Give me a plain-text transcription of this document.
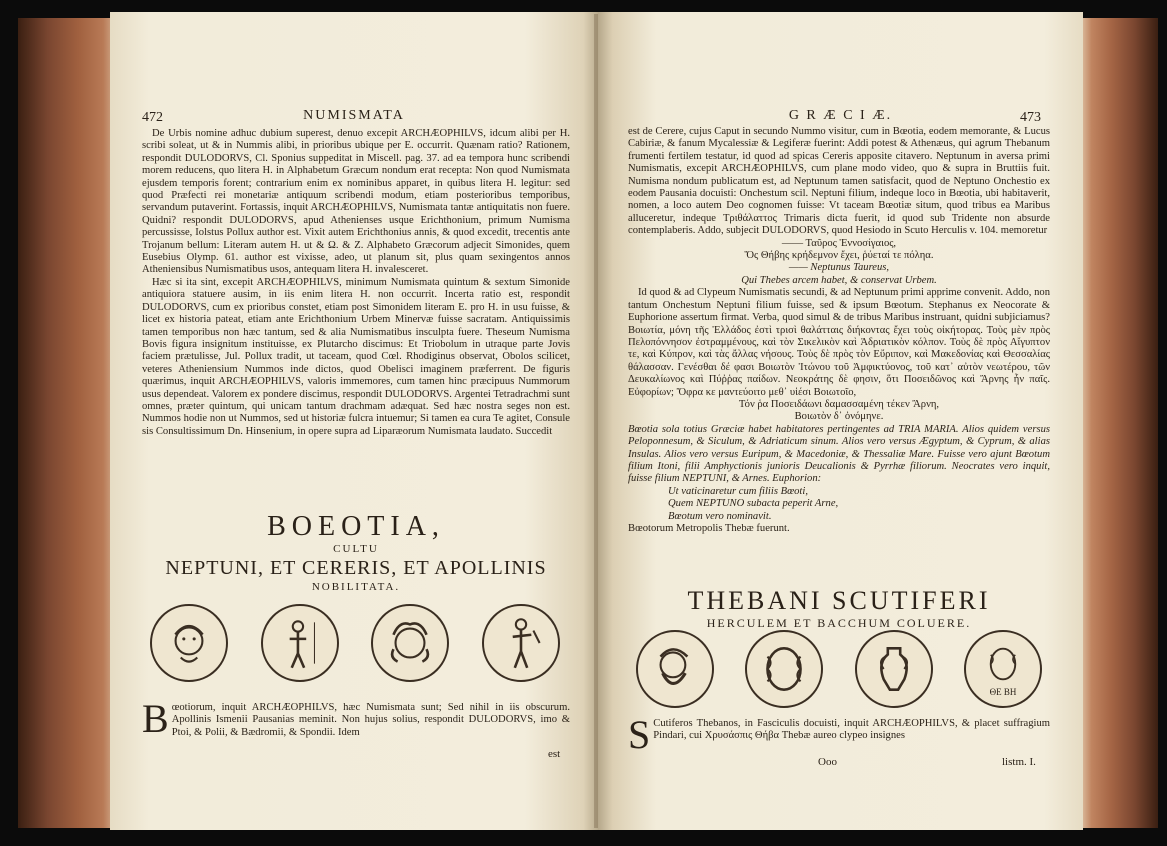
472	NUMISMATA

De Urbis nomine adhuc dubium superest, denuo excepit ARCHÆOPHILVS, idcum alibi per H. scribi soleat, ut & in Nummis alibi, in prioribus ubique per E. occurrit. Quænam ratio? Rationem, respondit DULODORVS, Cl. Sponius suppeditat in Miscell. pag. 37. ad ea tempora hunc scribendi morem reducens, quo litera H. in Alphabetum Græcum nondum erat recepta: Non quod Numismata ejusdem temporis forent; contrarium enim ex nominibus apparet, in quibus litera H. legitur: sed quod Præfecti rei monetariæ antiquum scribendi modum, etiam posterioribus temporibus, servandum putaverint. Fortassis, inquit ARCHÆOPHILVS, Numismata tantæ antiquitatis non fuere. Quidni? respondit DULODORVS, apud Athenienses usque Erichthonium, primum Numisma percussisse, Iolstus Pollux author est. Vixit autem Erichthonius annis, & quod excedit, trecentis ante Trojanum bellum: Literam autem H. ut & Ω. & Z. Alphabeto Græcorum adjecit Simonides, quem Eusebius Olymp. 61. author est vixisse, adeo, ut planum sit, plus quam sexingentos annos Atheniensibus Numismatibus usos, antequam litera H. invalesceret.

Hæc si ita sint, excepit ARCHÆOPHILVS, minimum Numismata quintum & sextum Simonide antiquiora statuere ausim, in iis enim litera H. non occurrit. Incerta ratio est, respondit DULODORVS, cum ex prioribus constet, etiam post Simonidem literam E. pro H. in usu fuisse, & licet ex historia pateat, etiam ante Erichthonium Urbem Minervæ fuisse sacratam. Antiquissimis tamen temporibus non hæc tantum, sed & alia Numismatibus insculpta fuere. Theseum Numisma Bovis figura insignitum instituisse, ex Plutarcho discimus: Et Triobolum in utraque parte Jovis faciem prætulisse, Jul. Pollux tradit, ut taceam, quod Cœl. Rhodiginus observat, Obolos scilicet, veteres Atheniensium Nummos inde dictos, quod Obelisci imaginem præferrent. De figuris quærimus, inquit ARCHÆOPHILVS, valoris immemores, cum tamen hinc præcipuus Nummorum usus dependeat. Valorem ex pondere discimus, respondit DULODORVS. Argentei Tetradrachmi sunt omnes, præter quintum, qui unicam tantum drachmam adæquat. Sed hæc nostra seges non est. Nummos hodie non ut Nummos, sed ut historiæ fulcra intuemur; Si tamen ea cura Te agitet, Consule sis Consultissimum Dn. Hinsenium, in opere supra ad Liparæorum Numismata laudato. Succedit

BOEOTIA,
CULTU
NEPTUNI, ET CERERIS, ET APOLLINIS
NOBILITATA.
B œotiorum, inquit ARCHÆOPHILVS, hæc Numismata sunt; Sed nihil in iis obscurum. Apollinis Ismenii Pausanias meminit. Non hujus solius, respondit DULODORVS, imo & Ptoi, & Polii, & Bædromii, & Spondii. Idem
est
G R Æ C I Æ.	473

est de Cerere, cujus Caput in secundo Nummo visitur, cum in Bœotia, eodem memorante, & Lucus Cabiriæ, & fanum Mycalessiæ & Legiferæ fuerint: Addi potest & Athenæus, qui agrum Thebanum frumenti fertilem testatur, id quod ad spicas Cereris apposite citavero. Neptunum in aversa primi Numismatis, excepit ARCHÆOPHILVS, cum plane modo video, quo & supra in Bruttiis fuit. Numisma nondum publicatum est, ad Neptunum tamen satisfacit, quod de Neptuno Onchestio ex eodem Pausania docuisti: Onchestum scil. Neptuni filium, indeque loco in Bœotia, ubi habitaverit, nomen, a loco autem Deo cognomen fuisse: Vt taceam Bœotiæ situm, quod tribus ea Maribus alluceretur, indeque Τριθάλαττος Trimaris dicta fuerit, id quod sub Tridente non absurde contemplaberis. Addo, subjecit DULODORVS, quod Hesiodo in Scuto Herculis v. 104. memoretur

—— Ταῦρος Ἐννοσίγαιος,

Ὅς Θήβης κρήδεμνον ἔχει, ῥύεταί τε πόληα.

—— Neptunus Taureus,

Qui Thebes arcem habet, & conservat Urbem.

Id quod & ad Clypeum Numismatis secundi, & ad Neptunum primi apprime convenit. Addo, non tantum Onchestum Neptuni filium fuisse, sed & ipsum Bœotum. Stephanus ex Neocorate & Euphorione assertum firmat. Verba, quod simul & de tribus Maribus instruant, quidni subjiciamus? Βοιωτία, μόνη τῆς Ἑλλάδος ἐστὶ τρισὶ θαλάτταις διήκοντας ἔχει τοὺς οἰκήτορας. Τοὺς μὲν πρὸς Πελοπόννησον ἐστραμμένους, καὶ τὸν Σικελικὸν καὶ Ἀδριατικὸν κόλπον. Τοὺς δὲ πρὸς Αἴγυπτον τε, καὶ Κύπρον, καὶ τὰς ἄλλας νήσους. Τοὺς δὲ πρὸς τὸν Εὔριπον, καὶ Μακεδονίας καὶ Θεσσαλίας θάλασσαν. Γενέσθαι δέ φασι Βοιωτὸν Ἰτώνου τοῦ Ἀμφικτύονος, τοῦ κατ᾽ αὐτὸν νεωτέρου, τῶν Δευκαλίωνος καὶ Πύῤῥας παίδων. Νεοκράτης δὲ φησιν, ὅτι Ποσειδῶνος καὶ Ἄρνης ἦν παῖς. Εὐφορίων; Ὄφρα κε μαντεύοιτο μεθ᾽ υἱέσι Βοιωτοῖο,

Τόν ῥα Ποσειδάωνι δαμασσαμένη τέκεν Ἄρνη,

Βοιωτὸν δ᾽ ὀνόμηνε.

Bœotia sola totius Græciæ habet habitatores pertingentes ad TRIA MARIA. Alios quidem versus Peloponnesum, & Siculum, & Adriaticum sinum. Alios vero versus Ægyptum, & Cyprum, & alias Insulas. Alios vero versus Euripum, & Macedoniæ, & Thessaliæ Mare. Fuisse vero ajunt Bœotum filium Itoni, filii Amphyctionis junioris Deucalionis & Pyrrhæ filiorum. Neocrates vero inquit, fuisse filium NEPTUNI, & Arnes. Euphorion:

Ut vaticinaretur cum filiis Bœoti,

Quem NEPTUNO subacta peperit Arne,

Bœotum vero nominavit.

Bœotorum Metropolis Thebæ fuerunt.

THEBANI SCUTIFERI
HERCULEM ET BACCHUM COLUERE.
ΘΕ ΒΗ
S Cutiferos Thebanos, in Fasciculis docuisti, inquit ARCHÆOPHILVS, & placet suffragium Pindari, cui Χρυσάσπις Θήβα Thebæ aureo clypeo insignes
Ooo	listm. I.
